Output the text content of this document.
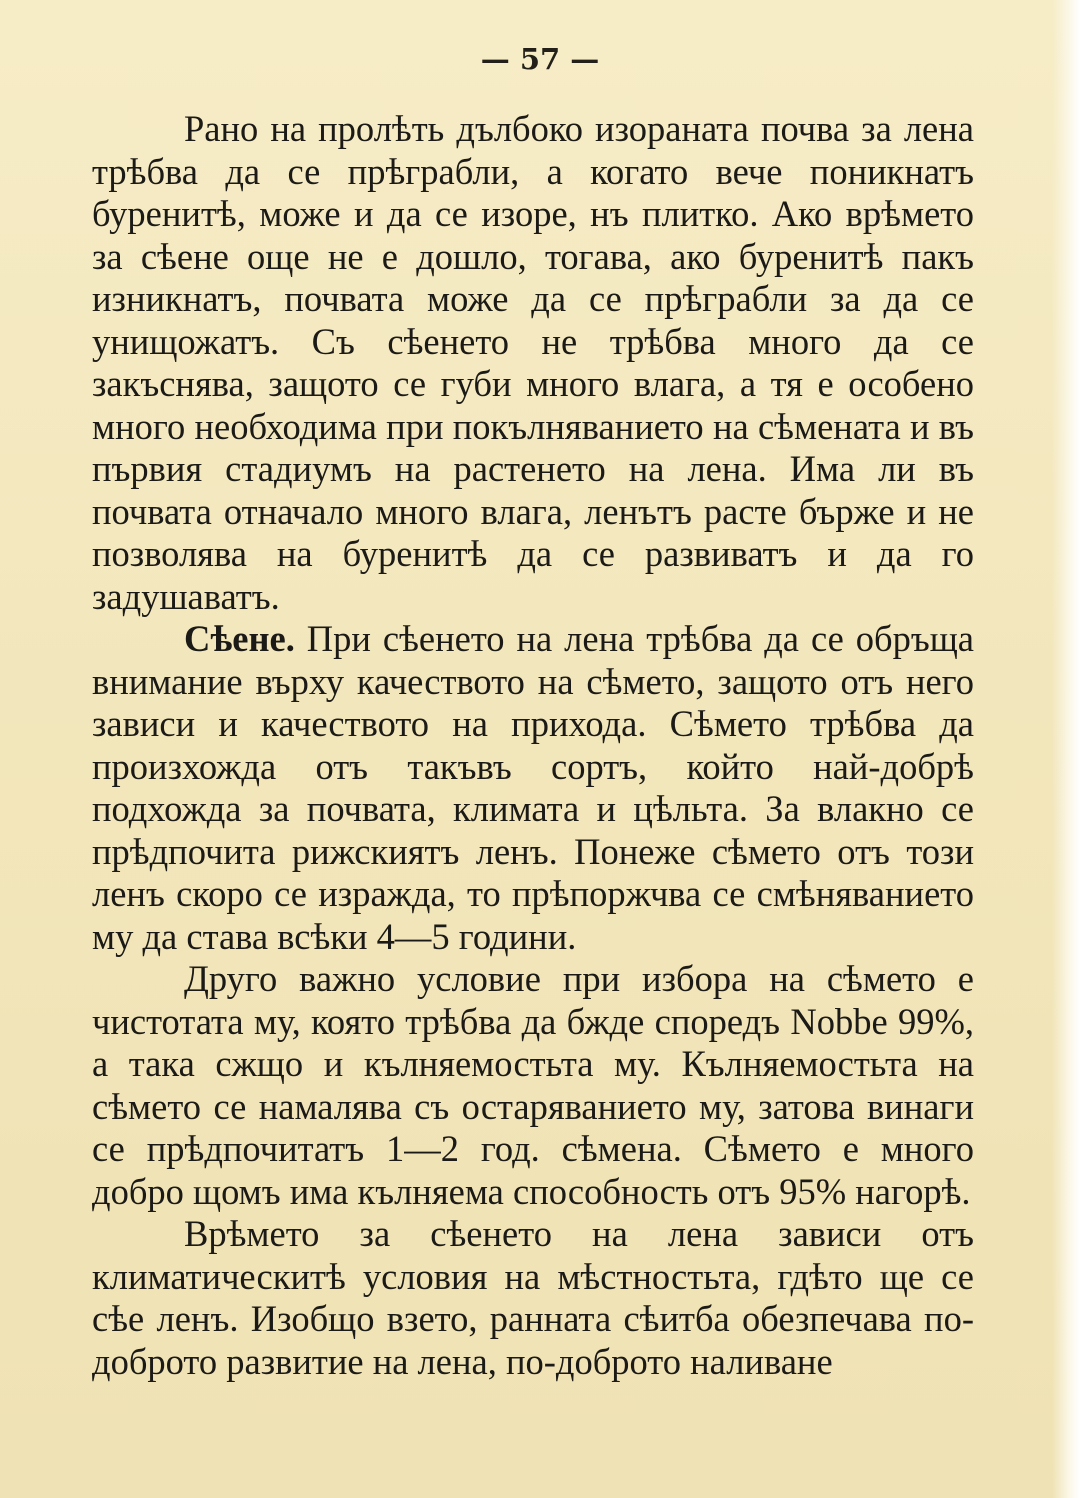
— 57 —

Рано на пролѣть дълбоко изораната почва за лена трѣбва да се прѣграбли, а когато вече поникнатъ буренитѣ, може и да се изоре, нъ плитко. Ако врѣмето за сѣене още не е дошло, тогава, ако буренитѣ пакъ изникнатъ, почвата може да се прѣграбли за да се унищожатъ. Съ сѣенето не трѣбва много да се закъснява, защото се губи много влага, а тя е особено много необходима при покълняванието на сѣмената и въ първия стадиумъ на растенето на лена. Има ли въ почвата отначало много влага, ленътъ расте бърже и не позволява на буренитѣ да се развиватъ и да го задушаватъ.

Сѣене. При сѣенето на лена трѣбва да се обръща внимание върху качеството на сѣмето, защото отъ него зависи и качеството на прихода. Сѣмето трѣбва да произхожда отъ такъвъ сортъ, който най-добрѣ подхожда за почвата, климата и цѣльта. За влакно се прѣдпочита рижскиятъ ленъ. Понеже сѣмето отъ този ленъ скоро се изражда, то прѣпоржчва се смѣняванието му да става всѣки 4—5 години.

Друго важно условие при избора на сѣмето е чистотата му, която трѣбва да бжде споредъ Nobbe 99%, а така сжщо и кълняемостьта му. Кълняемостьта на сѣмето се намалява съ остаряванието му, затова винаги се прѣдпочитатъ 1—2 год. сѣмена. Сѣмето е много добро щомъ има кълняема способность отъ 95% нагорѣ.

Врѣмето за сѣенето на лена зависи отъ климатическитѣ условия на мѣстностьта, гдѣто ще се сѣе ленъ. Изобщо взето, ранната сѣитба обезпечава по-доброто развитие на лена, по-доброто наливане
